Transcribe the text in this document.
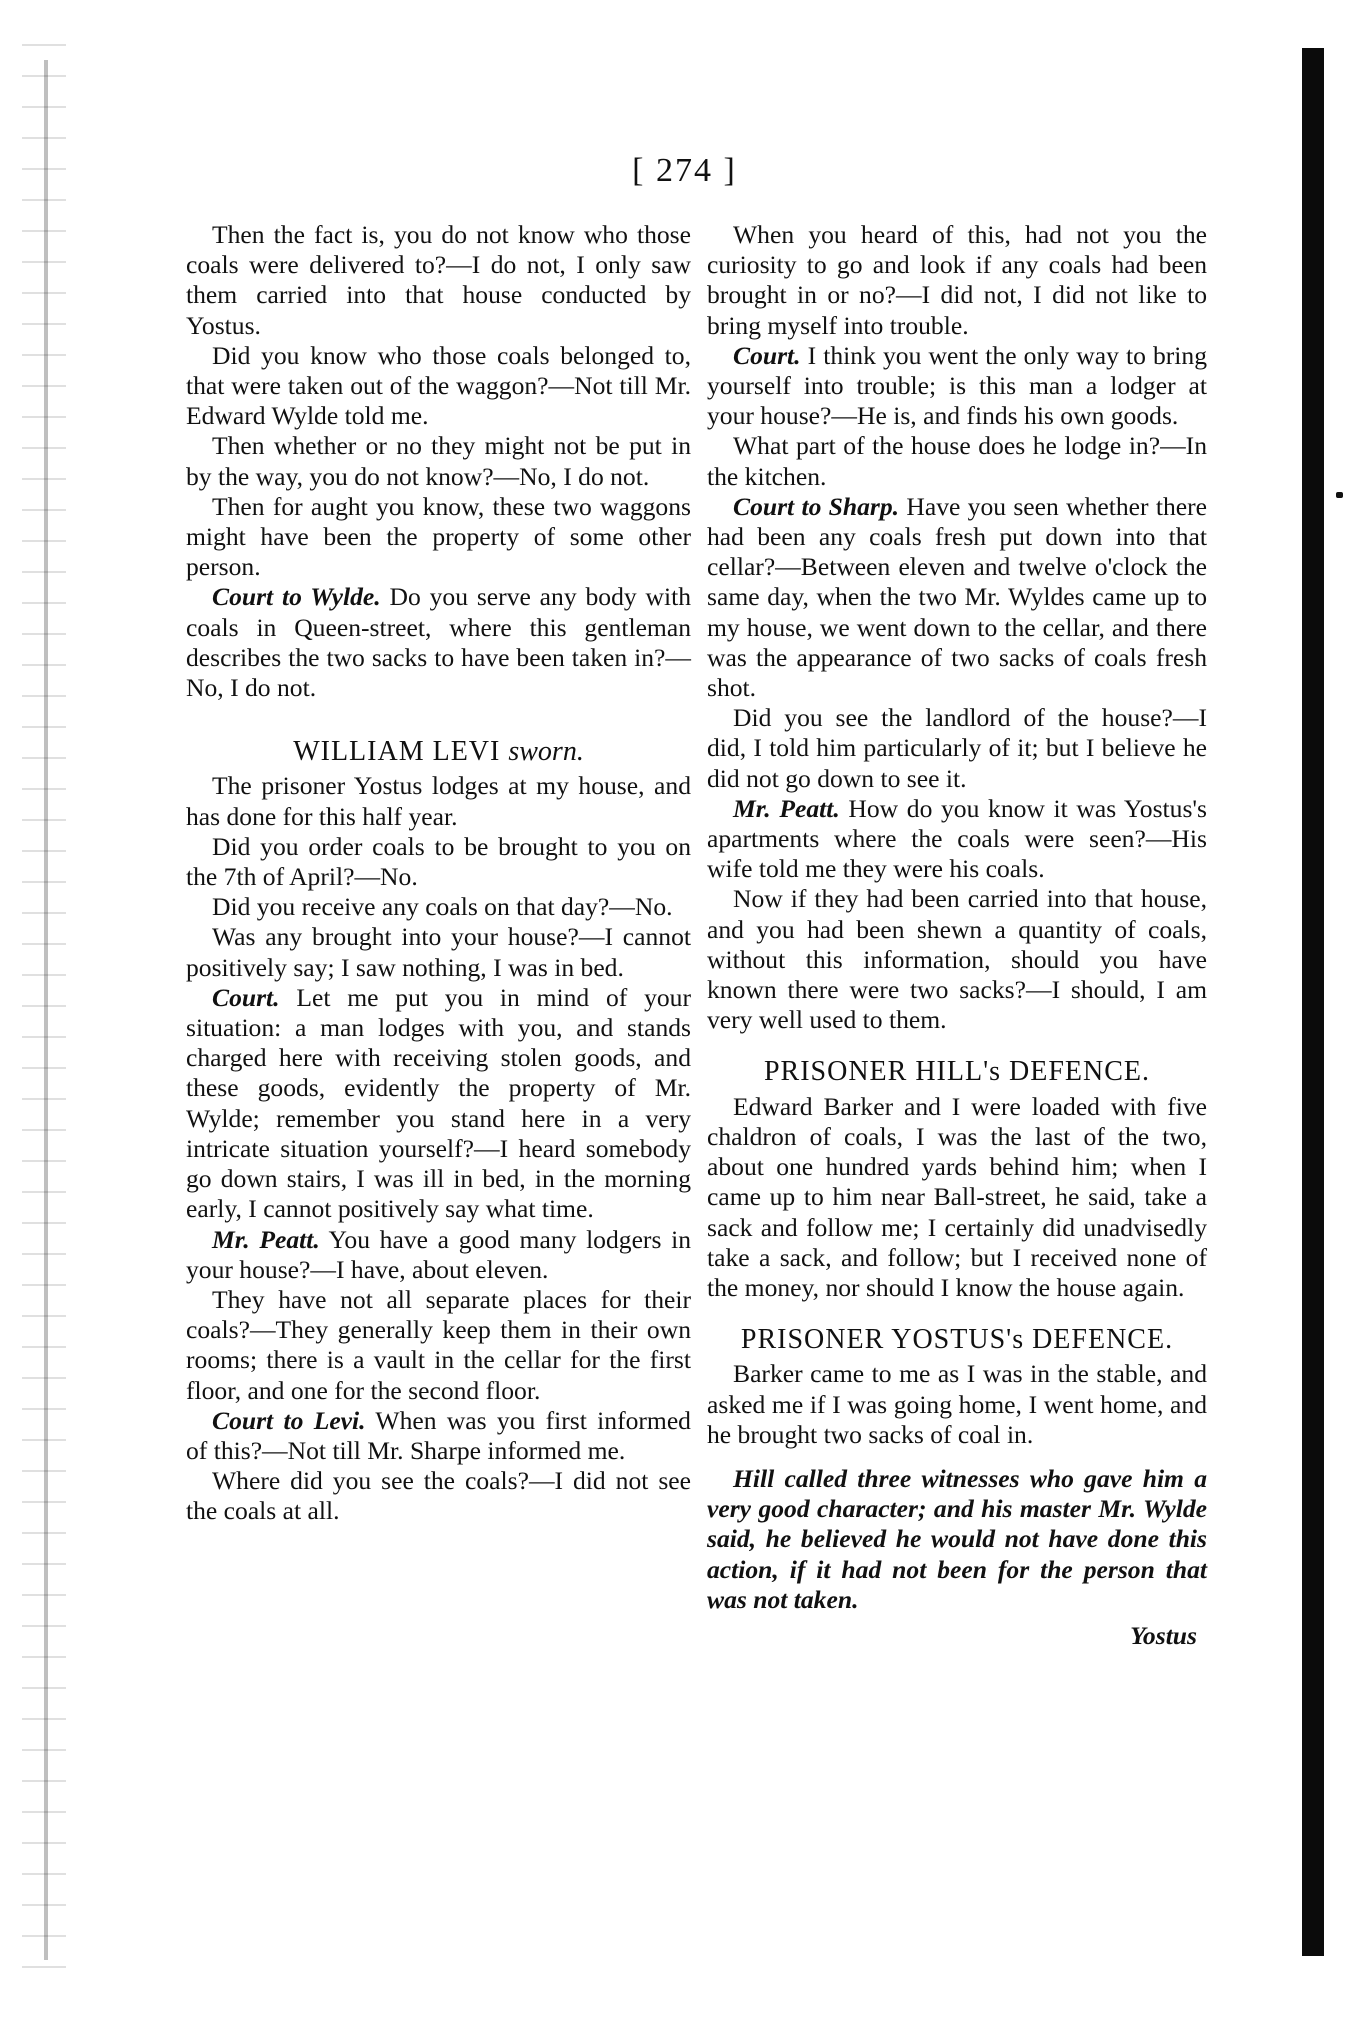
[ 274 ]

Then the fact is, you do not know who those coals were delivered to?—I do not, I only saw them carried into that house conducted by Yostus.

Did you know who those coals belonged to, that were taken out of the waggon?—Not till Mr. Edward Wylde told me.

Then whether or no they might not be put in by the way, you do not know?—No, I do not.

Then for aught you know, these two waggons might have been the property of some other person.

Court to Wylde. Do you serve any body with coals in Queen-street, where this gentleman describes the two sacks to have been taken in?—No, I do not.

WILLIAM LEVI sworn.

The prisoner Yostus lodges at my house, and has done for this half year.

Did you order coals to be brought to you on the 7th of April?—No.

Did you receive any coals on that day?—No.

Was any brought into your house?—I cannot positively say; I saw nothing, I was in bed.

Court. Let me put you in mind of your situation: a man lodges with you, and stands charged here with receiving stolen goods, and these goods, evidently the property of Mr. Wylde; remember you stand here in a very intricate situation yourself?—I heard somebody go down stairs, I was ill in bed, in the morning early, I cannot positively say what time.

Mr. Peatt. You have a good many lodgers in your house?—I have, about eleven.

They have not all separate places for their coals?—They generally keep them in their own rooms; there is a vault in the cellar for the first floor, and one for the second floor.

Court to Levi. When was you first informed of this?—Not till Mr. Sharpe informed me.

Where did you see the coals?—I did not see the coals at all.

When you heard of this, had not you the curiosity to go and look if any coals had been brought in or no?—I did not, I did not like to bring myself into trouble.

Court. I think you went the only way to bring yourself into trouble; is this man a lodger at your house?—He is, and finds his own goods.

What part of the house does he lodge in?—In the kitchen.

Court to Sharp. Have you seen whether there had been any coals fresh put down into that cellar?—Between eleven and twelve o'clock the same day, when the two Mr. Wyldes came up to my house, we went down to the cellar, and there was the appearance of two sacks of coals fresh shot.

Did you see the landlord of the house?—I did, I told him particularly of it; but I believe he did not go down to see it.

Mr. Peatt. How do you know it was Yostus's apartments where the coals were seen?—His wife told me they were his coals.

Now if they had been carried into that house, and you had been shewn a quantity of coals, without this information, should you have known there were two sacks?—I should, I am very well used to them.

PRISONER HILL's DEFENCE.

Edward Barker and I were loaded with five chaldron of coals, I was the last of the two, about one hundred yards behind him; when I came up to him near Ball-street, he said, take a sack and follow me; I certainly did unadvisedly take a sack, and follow; but I received none of the money, nor should I know the house again.

PRISONER YOSTUS's DEFENCE.

Barker came to me as I was in the stable, and asked me if I was going home, I went home, and he brought two sacks of coal in.

Hill called three witnesses who gave him a very good character; and his master Mr. Wylde said, he believed he would not have done this action, if it had not been for the person that was not taken.

Yostus
